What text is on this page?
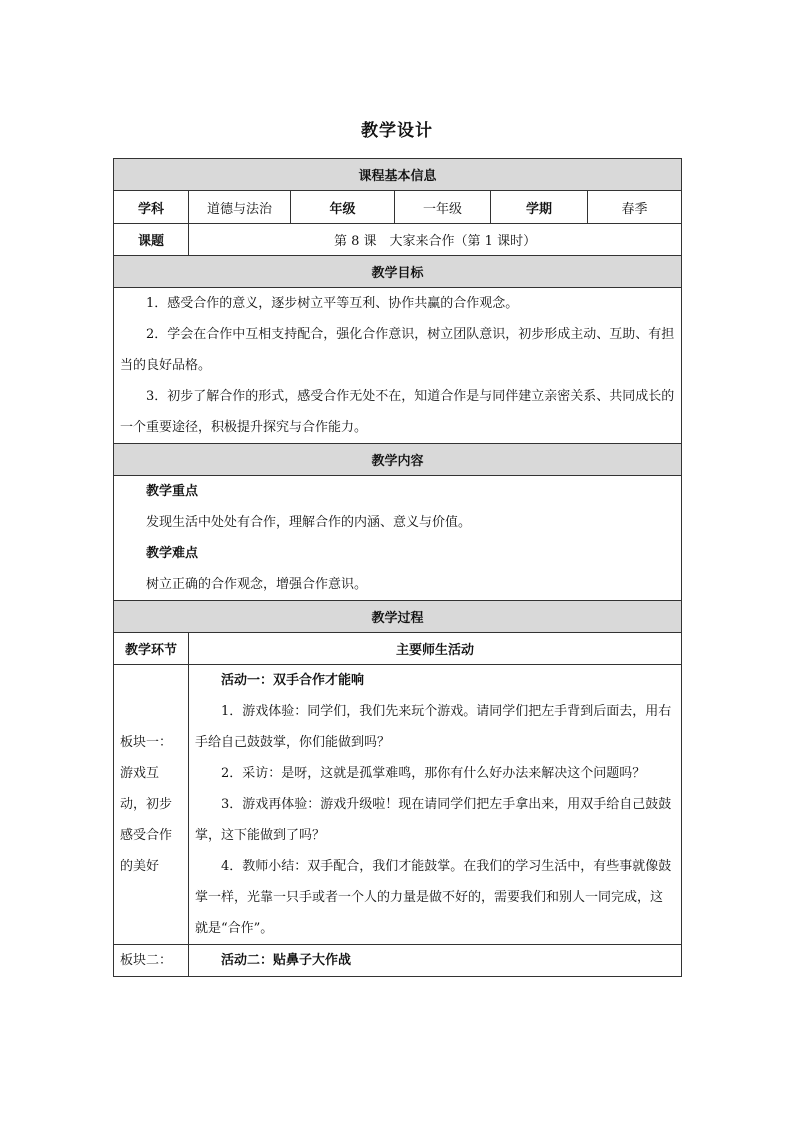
教学设计
课程基本信息					
学科	道德与法治	年级	一年级	学期	春季
课题	第 8 课　大家来合作（第 1 课时）				
教学目标					

1．感受合作的意义，逐步树立平等互利、协作共赢的合作观念。

2．学会在合作中互相支持配合，强化合作意识，树立团队意识，初步形成主动、互助、有担当的良好品格。

3．初步了解合作的形式，感受合作无处不在，知道合作是与同伴建立亲密关系、共同成长的一个重要途径，积极提升探究与合作能力。					

教学内容					

教学重点

发现生活中处处有合作，理解合作的内涵、意义与价值。

教学难点

树立正确的合作观念，增强合作意识。					

教学过程					
教学环节	主要师生活动				
板块一：游戏互动，初步感受合作的美好	活动一：双手合作才能响

1．游戏体验：同学们，我们先来玩个游戏。请同学们把左手背到后面去，用右手给自己鼓鼓掌，你们能做到吗？

2．采访：是呀，这就是孤掌难鸣，那你有什么好办法来解决这个问题吗？

3．游戏再体验：游戏升级啦！现在请同学们把左手拿出来，用双手给自己鼓鼓掌，这下能做到了吗？

4．教师小结：双手配合，我们才能鼓掌。在我们的学习生活中，有些事就像鼓掌一样，光靠一只手或者一个人的力量是做不好的，需要我们和别人一同完成，这就是“合作”。				

板块二：	活动二：贴鼻子大作战				
